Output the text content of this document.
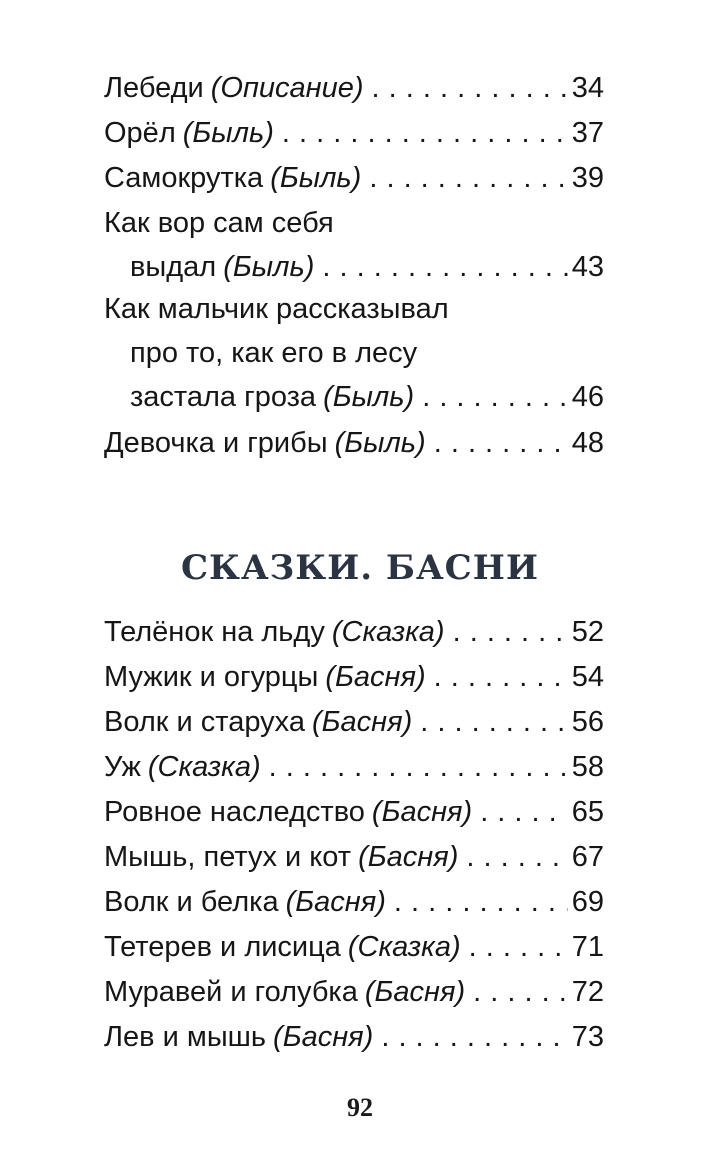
Лебеди (Описание) . . .	34
Орёл (Быль) . . .	37
Самокрутка (Быль) . . .	39
Как вор сам себя
выдал (Быль) . . .	43
Как мальчик рассказывал
про то, как его в лесу
застала гроза (Быль) . . .	46
Девочка и грибы (Быль) . . .	48
СКАЗКИ. БАСНИ
Телёнок на льду (Сказка) . . .	52
Мужик и огурцы (Басня) . . .	54
Волк и старуха (Басня) . . .	56
Уж (Сказка) . . .	58
Ровное наследство (Басня) . . .	65
Мышь, петух и кот (Басня) . . .	67
Волк и белка (Басня) . . .	69
Тетерев и лисица (Сказка) . . .	71
Муравей и голубка (Басня) . . .	72
Лев и мышь (Басня) . . .	73
92
